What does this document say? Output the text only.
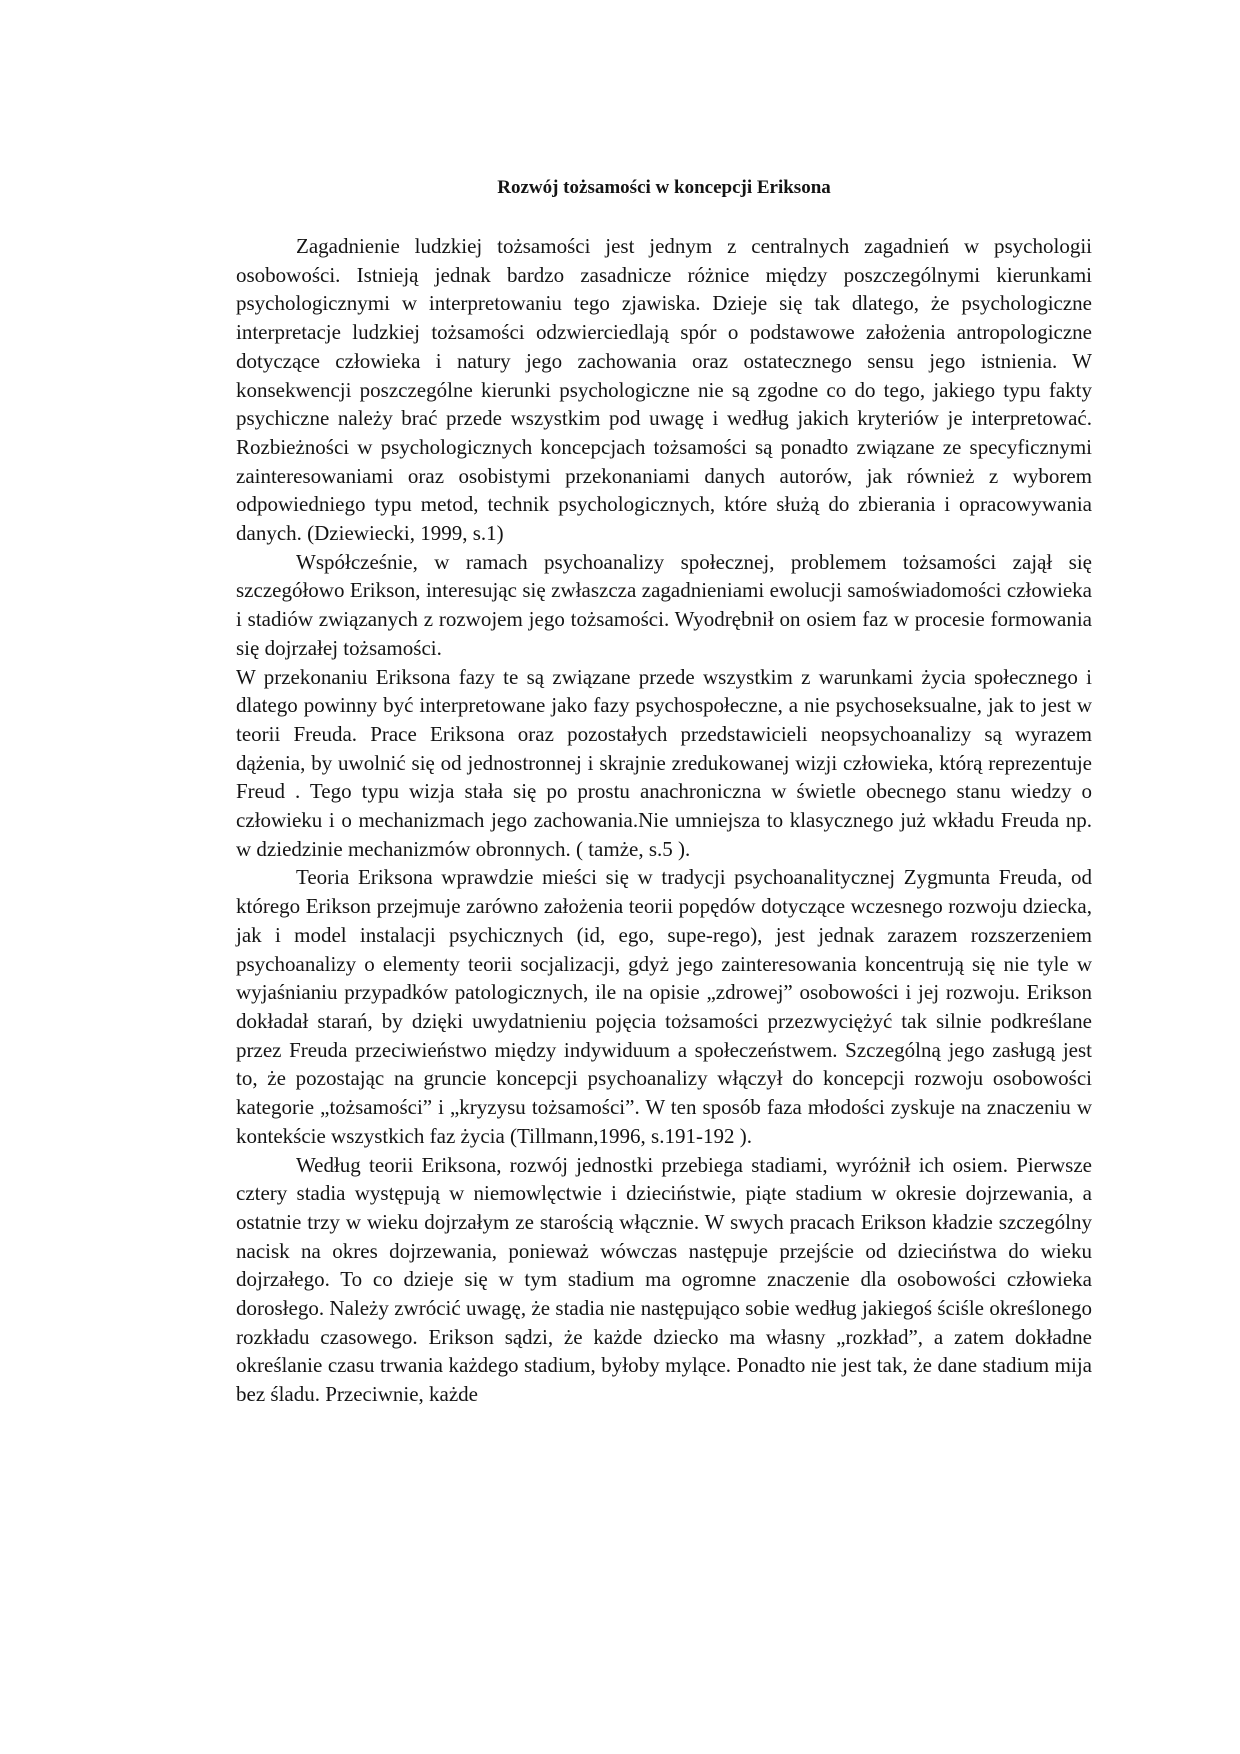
Rozwój tożsamości w koncepcji Eriksona

Zagadnienie ludzkiej tożsamości jest jednym z centralnych zagadnień w psychologii osobowości. Istnieją jednak bardzo zasadnicze różnice między poszczególnymi kierunkami psychologicznymi w interpretowaniu tego zjawiska. Dzieje się tak dlatego, że psychologiczne interpretacje ludzkiej tożsamości odzwierciedlają spór o podstawowe założenia antropologiczne dotyczące człowieka i natury jego zachowania oraz ostatecznego sensu jego istnienia. W konsekwencji poszczególne kierunki psychologiczne nie są zgodne co do tego, jakiego typu fakty psychiczne należy brać przede wszystkim pod uwagę i według jakich kryteriów je interpretować. Rozbieżności w psychologicznych koncepcjach tożsamości są ponadto związane ze specyficznymi zainteresowaniami oraz osobistymi przekonaniami danych autorów, jak również z wyborem odpowiedniego typu metod, technik psychologicznych, które służą do zbierania i opracowywania danych. (Dziewiecki, 1999, s.1)

Współcześnie, w ramach psychoanalizy społecznej, problemem tożsamości zajął się szczegółowo Erikson, interesując się zwłaszcza zagadnieniami ewolucji samoświadomości człowieka i stadiów związanych z rozwojem jego tożsamości. Wyodrębnił on osiem faz w procesie formowania się dojrzałej tożsamości.

W przekonaniu Eriksona fazy te są związane przede wszystkim z warunkami życia społecznego i dlatego powinny być interpretowane jako fazy psychospołeczne, a nie psychoseksualne, jak to jest w teorii Freuda. Prace Eriksona oraz pozostałych przedstawicieli neopsychoanalizy są wyrazem dążenia, by uwolnić się od jednostronnej i skrajnie zredukowanej wizji człowieka, którą reprezentuje Freud . Tego typu wizja stała się po prostu anachroniczna w świetle obecnego stanu wiedzy o człowieku i o mechanizmach jego zachowania.Nie umniejsza to klasycznego już wkładu Freuda np. w dziedzinie mechanizmów obronnych. ( tamże, s.5 ).

Teoria Eriksona wprawdzie mieści się w tradycji psychoanalitycznej Zygmunta Freuda, od którego Erikson przejmuje zarówno założenia teorii popędów dotyczące wczesnego rozwoju dziecka, jak i model instalacji psychicznych (id, ego, supe-rego), jest jednak zarazem rozszerzeniem psychoanalizy o elementy teorii socjalizacji, gdyż jego zainteresowania koncentrują się nie tyle w wyjaśnianiu przypadków patologicznych, ile na opisie „zdrowej” osobowości i jej rozwoju. Erikson dokładał starań, by dzięki uwydatnieniu pojęcia tożsamości przezwyciężyć tak silnie podkreślane przez Freuda przeciwieństwo między indywiduum a społeczeństwem. Szczególną jego zasługą jest to, że pozostając na gruncie koncepcji psychoanalizy włączył do koncepcji rozwoju osobowości kategorie „tożsamości” i „kryzysu tożsamości”. W ten sposób faza młodości zyskuje na znaczeniu w kontekście wszystkich faz życia (Tillmann,1996, s.191-192 ).

Według teorii Eriksona, rozwój jednostki przebiega stadiami, wyróżnił ich osiem. Pierwsze cztery stadia występują w niemowlęctwie i dzieciństwie, piąte stadium w okresie dojrzewania, a ostatnie trzy w wieku dojrzałym ze starością włącznie. W swych pracach Erikson kładzie szczególny nacisk na okres dojrzewania, ponieważ wówczas następuje przejście od dzieciństwa do wieku dojrzałego. To co dzieje się w tym stadium ma ogromne znaczenie dla osobowości człowieka dorosłego. Należy zwrócić uwagę, że stadia nie następująco sobie według jakiegoś ściśle określonego rozkładu czasowego. Erikson sądzi, że każde dziecko ma własny „rozkład”, a zatem dokładne określanie czasu trwania każdego stadium, byłoby mylące. Ponadto nie jest tak, że dane stadium mija bez śladu. Przeciwnie, każde
